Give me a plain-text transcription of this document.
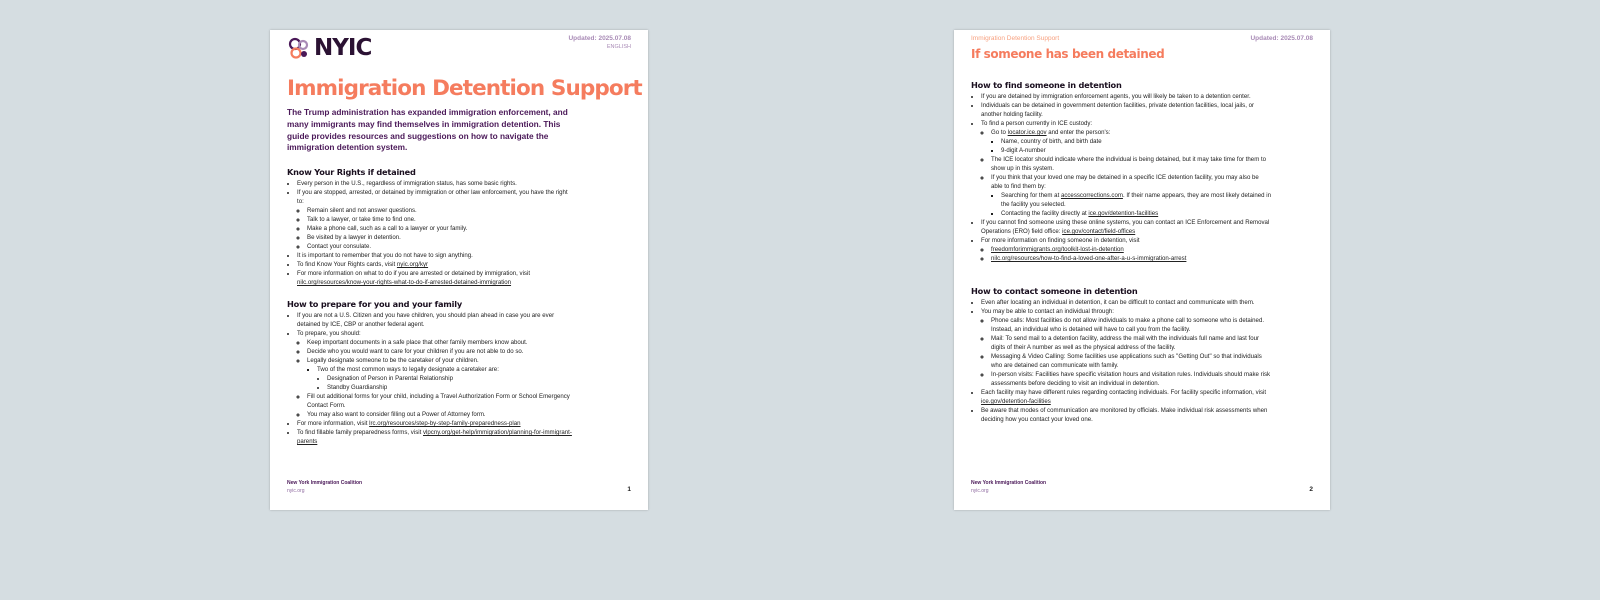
NYIC	Updated: 2025.07.08
ENGLISH
Immigration Detention Support

The Trump administration has expanded immigration enforcement, and many immigrants may find themselves in immigration detention. This guide provides resources and suggestions on how to navigate the immigration detention system.

Know Your Rights if detained
• Every person in the U.S., regardless of immigration status, has some basic rights.
• If you are stopped, arrested, or detained by immigration or other law enforcement, you have the right to:
◦ Remain silent and not answer questions.
◦ Talk to a lawyer, or take time to find one.
◦ Make a phone call, such as a call to a lawyer or your family.
◦ Be visited by a lawyer in detention.
◦ Contact your consulate.
• It is important to remember that you do not have to sign anything.
• To find Know Your Rights cards, visit nyic.org/kyr
• For more information on what to do if you are arrested or detained by immigration, visit nilc.org/resources/know-your-rights-what-to-do-if-arrested-detained-immigration
How to prepare for you and your family
• If you are not a U.S. Citizen and you have children, you should plan ahead in case you are ever detained by ICE, CBP or another federal agent.
• To prepare, you should:
◦ Keep important documents in a safe place that other family members know about.
◦ Decide who you would want to care for your children if you are not able to do so.
◦ Legally designate someone to be the caretaker of your children.
▪ Two of the most common ways to legally designate a caretaker are:
• Designation of Person in Parental Relationship
• Standby Guardianship
◦ Fill out additional forms for your child, including a Travel Authorization Form or School Emergency Contact Form.
◦ You may also want to consider filling out a Power of Attorney form.
• For more information, visit lrc.org/resources/step-by-step-family-preparedness-plan
• To find fillable family preparedness forms, visit vlpcny.org/get-help/immigration/planning-for-immigrant-parents
New York Immigration Coalition
nyic.org	1
Immigration Detention Support	Updated: 2025.07.08
If someone has been detained
How to find someone in detention
• If you are detained by immigration enforcement agents, you will likely be taken to a detention center.
• Individuals can be detained in government detention facilities, private detention facilities, local jails, or another holding facility.
• To find a person currently in ICE custody:
◦ Go to locator.ice.gov and enter the person's:
▪ Name, country of birth, and birth date
▪ 9-digit A-number
◦ The ICE locator should indicate where the individual is being detained, but it may take time for them to show up in this system.
◦ If you think that your loved one may be detained in a specific ICE detention facility, you may also be able to find them by:
▪ Searching for them at accesscorrections.com. If their name appears, they are most likely detained in the facility you selected.
▪ Contacting the facility directly at ice.gov/detention-facilities
• If you cannot find someone using these online systems, you can contact an ICE Enforcement and Removal Operations (ERO) field office: ice.gov/contact/field-offices
• For more information on finding someone in detention, visit
◦ freedomforimmigrants.org/toolkit-lost-in-detention
◦ nilc.org/resources/how-to-find-a-loved-one-after-a-u-s-immigration-arrest
How to contact someone in detention
• Even after locating an individual in detention, it can be difficult to contact and communicate with them.
• You may be able to contact an individual through:
◦ Phone calls: Most facilities do not allow individuals to make a phone call to someone who is detained. Instead, an individual who is detained will have to call you from the facility.
◦ Mail: To send mail to a detention facility, address the mail with the individuals full name and last four digits of their A number as well as the physical address of the facility.
◦ Messaging & Video Calling: Some facilities use applications such as "Getting Out" so that individuals who are detained can communicate with family.
◦ In-person visits: Facilities have specific visitation hours and visitation rules. Individuals should make risk assessments before deciding to visit an individual in detention.
• Each facility may have different rules regarding contacting individuals. For facility specific information, visit ice.gov/detention-facilities
• Be aware that modes of communication are monitored by officials. Make individual risk assessments when deciding how you contact your loved one.
New York Immigration Coalition
nyic.org	2
